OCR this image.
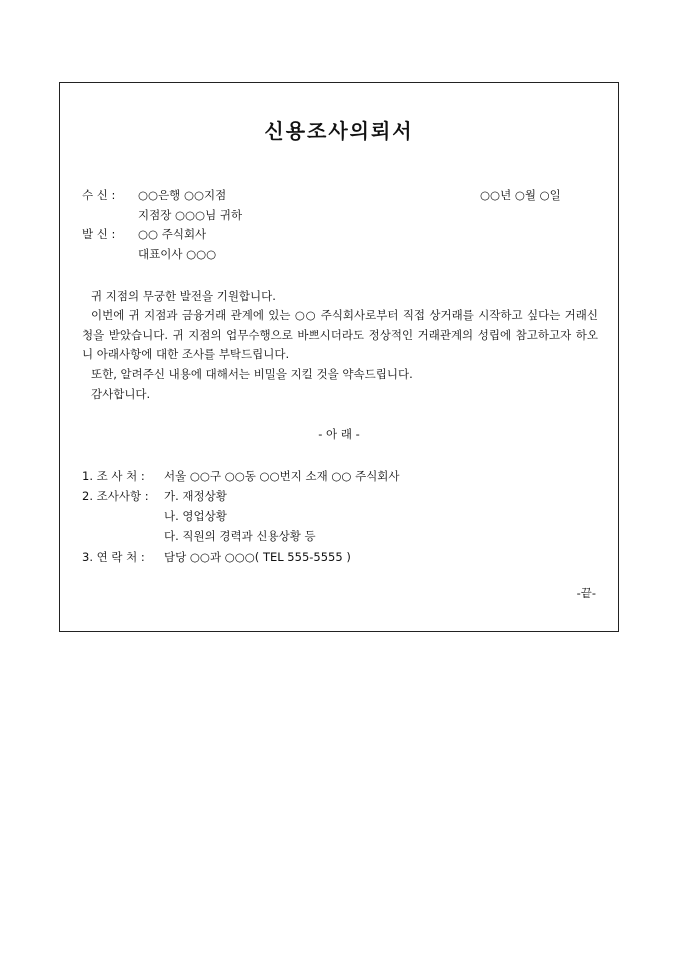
신용조사의뢰서
수 신 : ○○은행 ○○지점	○○년 ○월 ○일
지점장 ○○○님 귀하
발 신 : ○○ 주식회사
대표이사 ○○○
귀 지점의 무궁한 발전을 기원합니다.
이번에 귀 지점과 금융거래 관계에 있는 ○○ 주식회사로부터 직접 상거래를 시작하고 싶다는 거래신청을 받았습니다. 귀 지점의 업무수행으로 바쁘시더라도 정상적인 거래관계의 성립에 참고하고자 하오니 아래사항에 대한 조사를 부탁드립니다.
또한, 알려주신 내용에 대해서는 비밀을 지킬 것을 약속드립니다.
감사합니다.
- 아 래 -
1. 조 사 처 : 서울 ○○구 ○○동 ○○번지 소재 ○○ 주식회사
2. 조사사항 : 가. 재정상황
나. 영업상황
다. 직원의 경력과 신용상황 등
3. 연 락 처 : 담당 ○○과 ○○○( TEL 555-5555 )
-끝-
